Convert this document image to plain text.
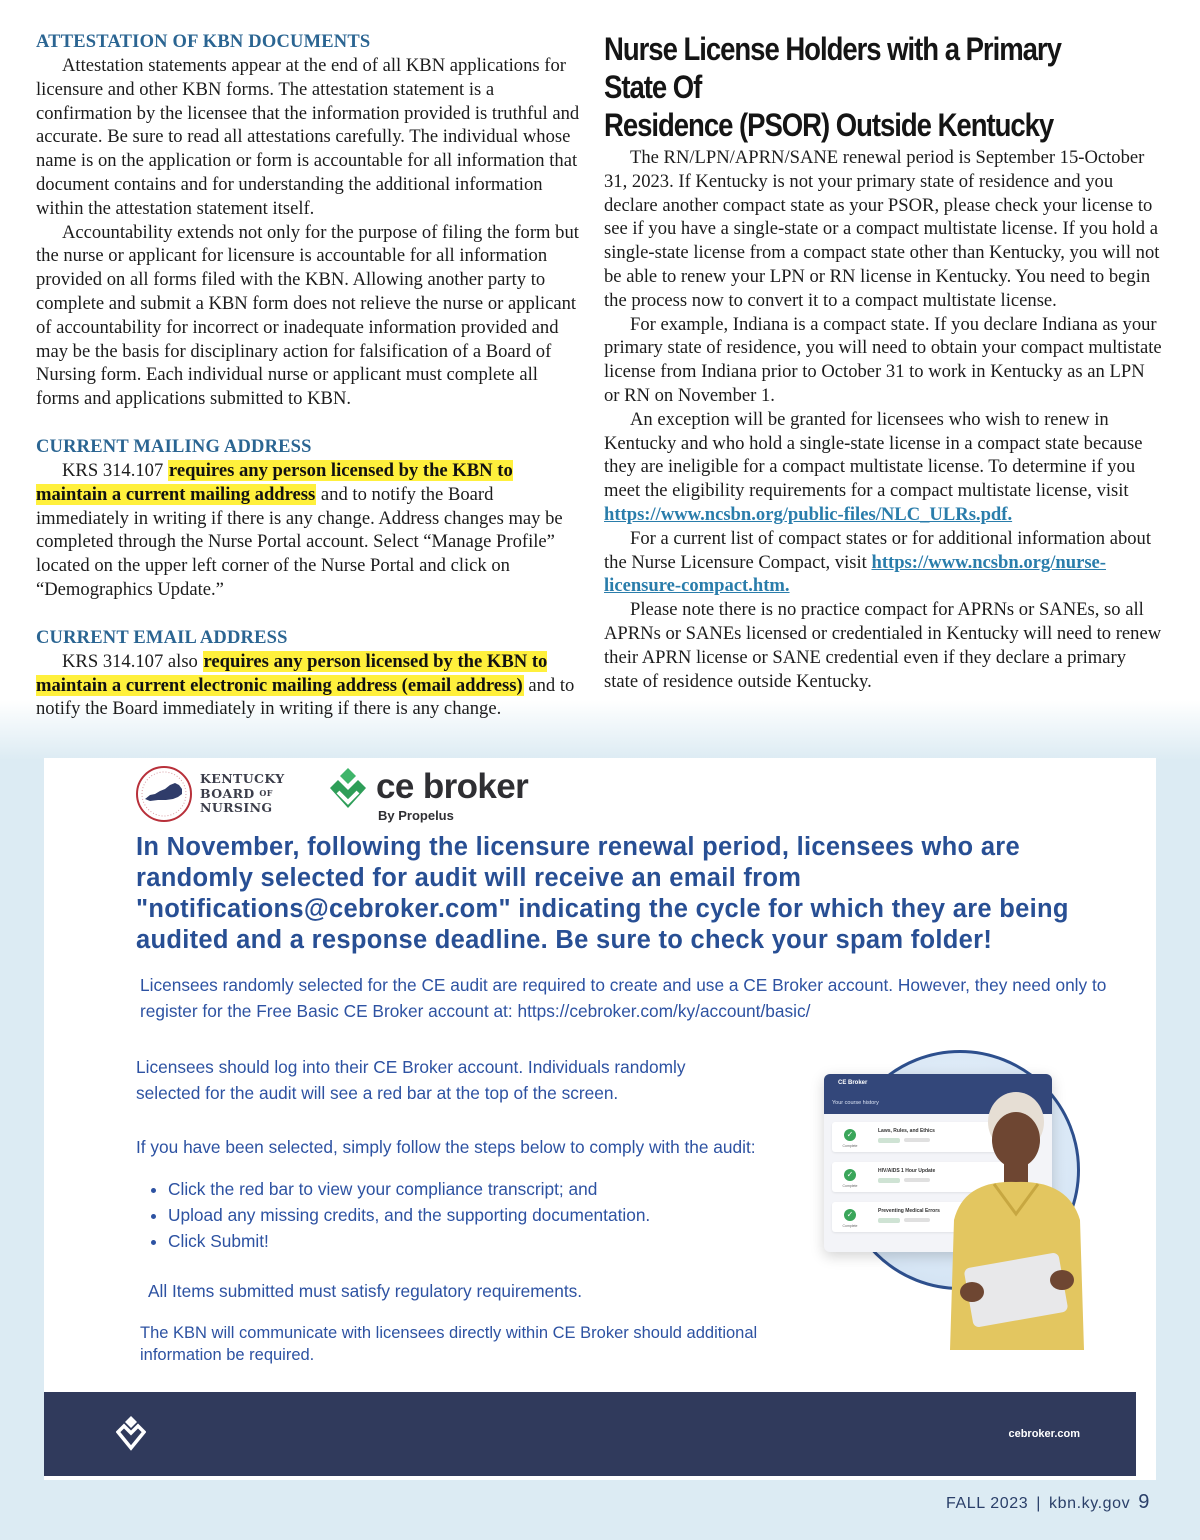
ATTESTATION OF KBN DOCUMENTS

Attestation statements appear at the end of all KBN applications for licensure and other KBN forms. The attestation statement is a confirmation by the licensee that the information provided is truthful and accurate. Be sure to read all attestations carefully. The individual whose name is on the application or form is accountable for all information that document contains and for understanding the additional information within the attestation statement itself.

Accountability extends not only for the purpose of filing the form but the nurse or applicant for licensure is accountable for all information provided on all forms filed with the KBN. Allowing another party to complete and submit a KBN form does not relieve the nurse or applicant of accountability for incorrect or inadequate information provided and may be the basis for disciplinary action for falsification of a Board of Nursing form. Each individual nurse or applicant must complete all forms and applications submitted to KBN.

CURRENT MAILING ADDRESS

KRS 314.107 requires any person licensed by the KBN to maintain a current mailing address and to notify the Board immediately in writing if there is any change. Address changes may be completed through the Nurse Portal account. Select “Manage Profile” located on the upper left corner of the Nurse Portal and click on “Demographics Update.”

CURRENT EMAIL ADDRESS

KRS 314.107 also requires any person licensed by the KBN to maintain a current electronic mailing address (email address) and to notify the Board immediately in writing if there is any change.

Nurse License Holders with a Primary State Of
Residence (PSOR) Outside Kentucky

The RN/LPN/APRN/SANE renewal period is September 15-October 31, 2023. If Kentucky is not your primary state of residence and you declare another compact state as your PSOR, please check your license to see if you have a single-state or a compact multistate license. If you hold a single-state license from a compact state other than Kentucky, you will not be able to renew your LPN or RN license in Kentucky. You need to begin the process now to convert it to a compact multistate license.

For example, Indiana is a compact state. If you declare Indiana as your primary state of residence, you will need to obtain your compact multistate license from Indiana prior to October 31 to work in Kentucky as an LPN or RN on November 1.

An exception will be granted for licensees who wish to renew in Kentucky and who hold a single-state license in a compact state because they are ineligible for a compact multistate license. To determine if you meet the eligibility requirements for a compact multistate license, visit https://www.ncsbn.org/public-files/NLC_ULRs.pdf.

For a current list of compact states or for additional information about the Nurse Licensure Compact, visit https://www.ncsbn.org/nurse-licensure-compact.htm.

Please note there is no practice compact for APRNs or SANEs, so all APRNs or SANEs licensed or credentialed in Kentucky will need to renew their APRN license or SANE credential even if they declare a primary state of residence outside Kentucky.

KENTUCKY
BOARD OF
NURSING
ce broker
By Propelus

In November, following the licensure renewal period, licensees who are randomly selected for audit will receive an email from "notifications@cebroker.com" indicating the cycle for which they are being audited and a response deadline. Be sure to check your spam folder!

Licensees randomly selected for the CE audit are required to create and use a CE Broker account. However, they need only to register for the Free Basic CE Broker account at: https://cebroker.com/ky/account/basic/

Licensees should log into their CE Broker account. Individuals randomly selected for the audit will see a red bar at the top of the screen.

If you have been selected, simply follow the steps below to comply with the audit:

• Click the red bar to view your compliance transcript; and
• Upload any missing credits, and the supporting documentation.
• Click Submit!

All Items submitted must satisfy regulatory requirements.

The KBN will communicate with licensees directly within CE Broker should additional information be required.

CE Broker
Your course history
✓
Complete
Laws, Rules, and Ethics
✓
Complete
HIV/AIDS 1 Hour Update
✓
Complete
Preventing Medical Errors
cebroker.com
FALL 2023 | kbn.ky.gov 9
